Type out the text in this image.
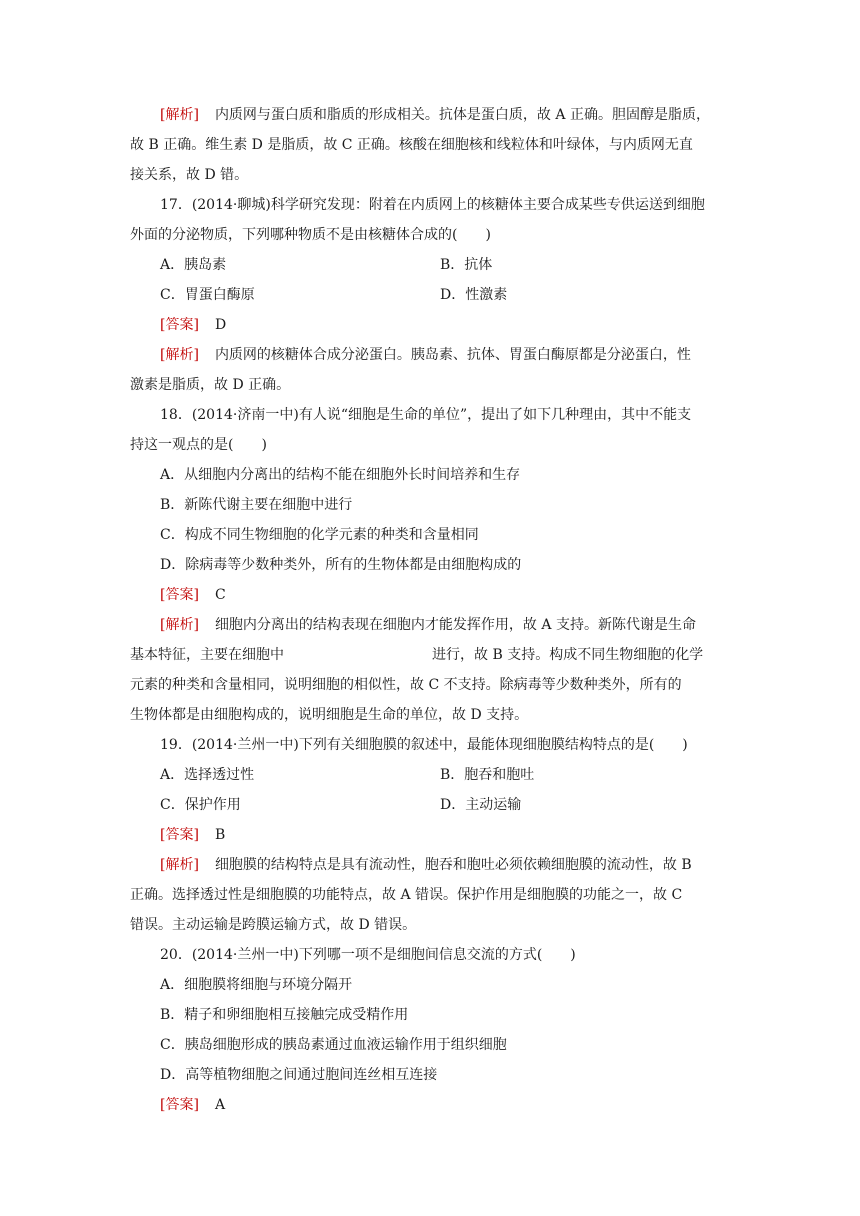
[解析] 内质网与蛋白质和脂质的形成相关。抗体是蛋白质，故 A 正确。胆固醇是脂质，
故 B 正确。维生素 D 是脂质，故 C 正确。核酸在细胞核和线粒体和叶绿体，与内质网无直
接关系，故 D 错。
17．(2014·聊城)科学研究发现：附着在内质网上的核糖体主要合成某些专供运送到细胞
外面的分泌物质，下列哪种物质不是由核糖体合成的(　　)
A．胰岛素	B．抗体
C．胃蛋白酶原	D．性激素
[答案] D
[解析] 内质网的核糖体合成分泌蛋白。胰岛素、抗体、胃蛋白酶原都是分泌蛋白，性
激素是脂质，故 D 正确。
18．(2014·济南一中)有人说“细胞是生命的单位”，提出了如下几种理由，其中不能支
持这一观点的是(　　)
A．从细胞内分离出的结构不能在细胞外长时间培养和生存
B．新陈代谢主要在细胞中进行
C．构成不同生物细胞的化学元素的种类和含量相同
D．除病毒等少数种类外，所有的生物体都是由细胞构成的
[答案] C
[解析] 细胞内分离出的结构表现在细胞内才能发挥作用，故 A 支持。新陈代谢是生命
基本特征，主要在细胞中	进行，故 B 支持。构成不同生物细胞的化学
元素的种类和含量相同，说明细胞的相似性，故 C 不支持。除病毒等少数种类外，所有的
生物体都是由细胞构成的，说明细胞是生命的单位，故 D 支持。
19．(2014·兰州一中)下列有关细胞膜的叙述中，最能体现细胞膜结构特点的是(　　)
A．选择透过性	B．胞吞和胞吐
C．保护作用	D．主动运输
[答案] B
[解析] 细胞膜的结构特点是具有流动性，胞吞和胞吐必须依赖细胞膜的流动性，故 B
正确。选择透过性是细胞膜的功能特点，故 A 错误。保护作用是细胞膜的功能之一，故 C
错误。主动运输是跨膜运输方式，故 D 错误。
20．(2014·兰州一中)下列哪一项不是细胞间信息交流的方式(　　)
A．细胞膜将细胞与环境分隔开
B．精子和卵细胞相互接触完成受精作用
C．胰岛细胞形成的胰岛素通过血液运输作用于组织细胞
D．高等植物细胞之间通过胞间连丝相互连接
[答案] A
